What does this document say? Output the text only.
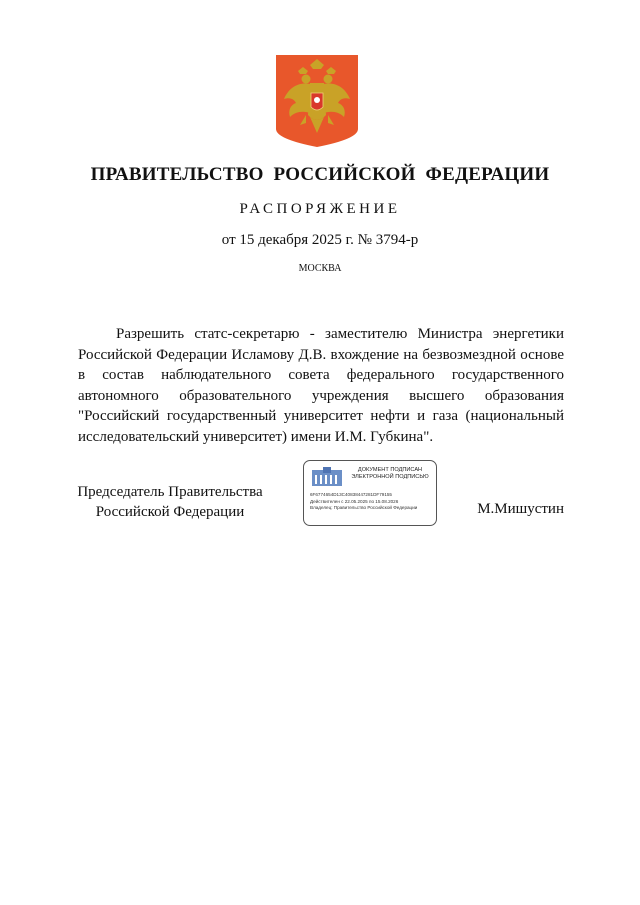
ПРАВИТЕЛЬСТВО РОССИЙСКОЙ ФЕДЕРАЦИИ
РАСПОРЯЖЕНИЕ
от 15 декабря 2025 г. № 3794-р
МОСКВА
Разрешить статс-секретарю - заместителю Министра энергетики Российской Федерации Исламову Д.В. вхождение на безвозмездной основе в состав наблюдательного совета федерального государственного автономного образовательного учреждения высшего образования "Российский государственный университет нефти и газа (национальный исследовательский университет) имени И.М. Губкина".
Председатель Правительства
Российской Федерации
ДОКУМЕНТ ПОДПИСАН
ЭЛЕКТРОННОЙ ПОДПИСЬЮ
6F6774654D13C40838447281DF79155
Действителен с 22.05.2025 по 15.08.2026
Владелец: Правительство Российской Федерации	М.Мишустин
